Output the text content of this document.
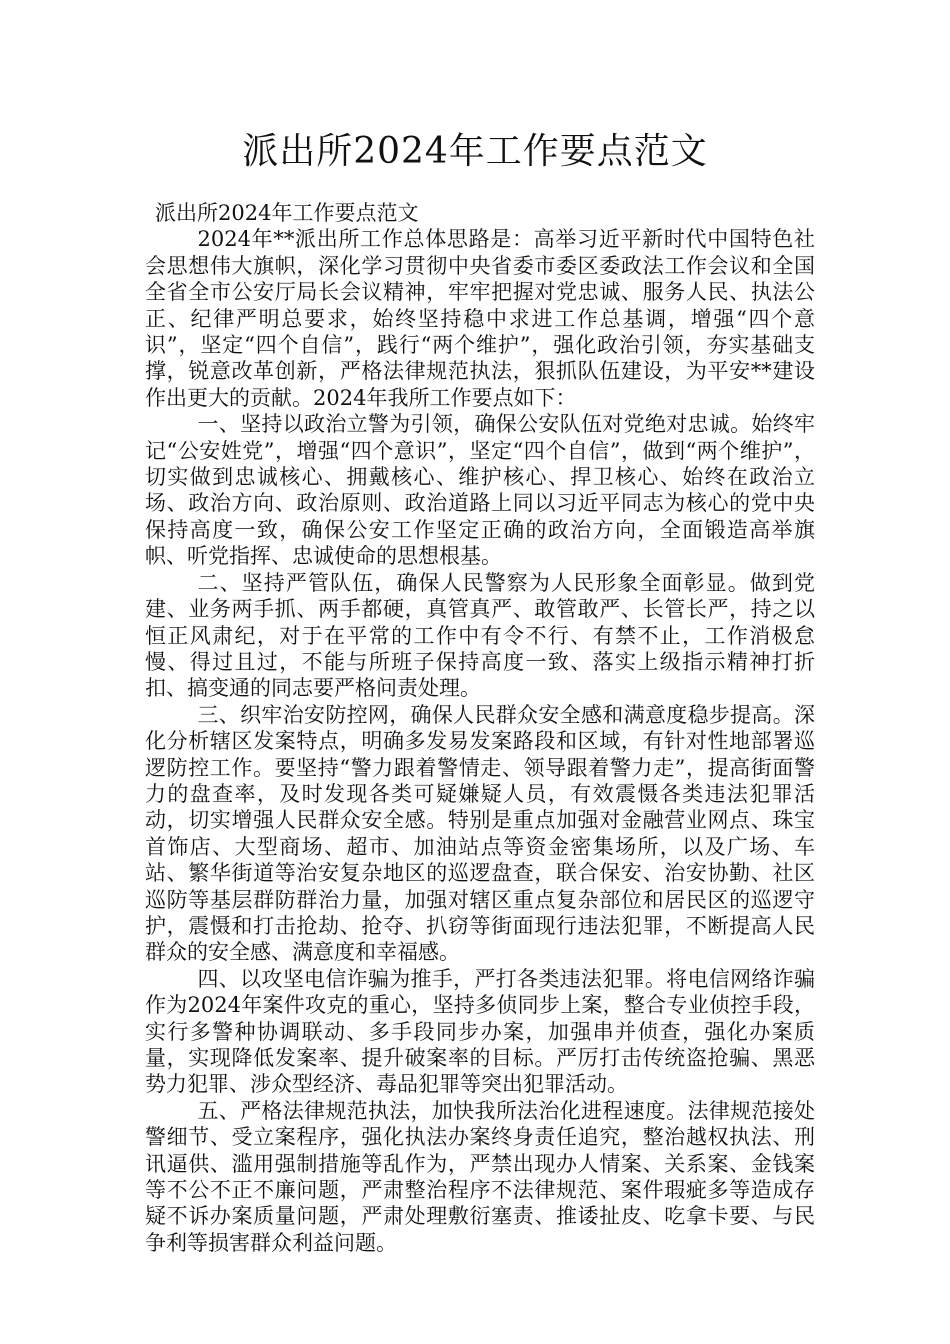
派出所2024年工作要点范文

派出所2024年工作要点范文

2024年**派出所工作总体思路是：高举习近平新时代中国特色社会思想伟大旗帜，深化学习贯彻中央省委市委区委政法工作会议和全国全省全市公安厅局长会议精神，牢牢把握对党忠诚、服务人民、执法公正、纪律严明总要求，始终坚持稳中求进工作总基调，增强“四个意识”，坚定“四个自信”，践行“两个维护”，强化政治引领，夯实基础支撑，锐意改革创新，严格法律规范执法，狠抓队伍建设，为平安**建设作出更大的贡献。2024年我所工作要点如下：

一、坚持以政治立警为引领，确保公安队伍对党绝对忠诚。始终牢记“公安姓党”，增强“四个意识”，坚定“四个自信”，做到“两个维护”，切实做到忠诚核心、拥戴核心、维护核心、捍卫核心、始终在政治立场、政治方向、政治原则、政治道路上同以习近平同志为核心的党中央保持高度一致，确保公安工作坚定正确的政治方向，全面锻造高举旗帜、听党指挥、忠诚使命的思想根基。

二、坚持严管队伍，确保人民警察为人民形象全面彰显。做到党建、业务两手抓、两手都硬，真管真严、敢管敢严、长管长严，持之以恒正风肃纪，对于在平常的工作中有令不行、有禁不止，工作消极怠慢、得过且过，不能与所班子保持高度一致、落实上级指示精神打折扣、搞变通的同志要严格问责处理。

三、织牢治安防控网，确保人民群众安全感和满意度稳步提高。深化分析辖区发案特点，明确多发易发案路段和区域，有针对性地部署巡逻防控工作。要坚持“警力跟着警情走、领导跟着警力走”，提高街面警力的盘查率，及时发现各类可疑嫌疑人员，有效震慑各类违法犯罪活动，切实增强人民群众安全感。特别是重点加强对金融营业网点、珠宝首饰店、大型商场、超市、加油站点等资金密集场所，以及广场、车站、繁华街道等治安复杂地区的巡逻盘查，联合保安、治安协勤、社区巡防等基层群防群治力量，加强对辖区重点复杂部位和居民区的巡逻守护，震慑和打击抢劫、抢夺、扒窃等街面现行违法犯罪，不断提高人民群众的安全感、满意度和幸福感。

四、以攻坚电信诈骗为推手，严打各类违法犯罪。将电信网络诈骗作为2024年案件攻克的重心，坚持多侦同步上案，整合专业侦控手段，实行多警种协调联动、多手段同步办案，加强串并侦查，强化办案质量，实现降低发案率、提升破案率的目标。严厉打击传统盗抢骗、黑恶势力犯罪、涉众型经济、毒品犯罪等突出犯罪活动。

五、严格法律规范执法，加快我所法治化进程速度。法律规范接处警细节、受立案程序，强化执法办案终身责任追究，整治越权执法、刑讯逼供、滥用强制措施等乱作为，严禁出现办人情案、关系案、金钱案等不公不正不廉问题，严肃整治程序不法律规范、案件瑕疵多等造成存疑不诉办案质量问题，严肃处理敷衍塞责、推诿扯皮、吃拿卡要、与民争利等损害群众利益问题。
